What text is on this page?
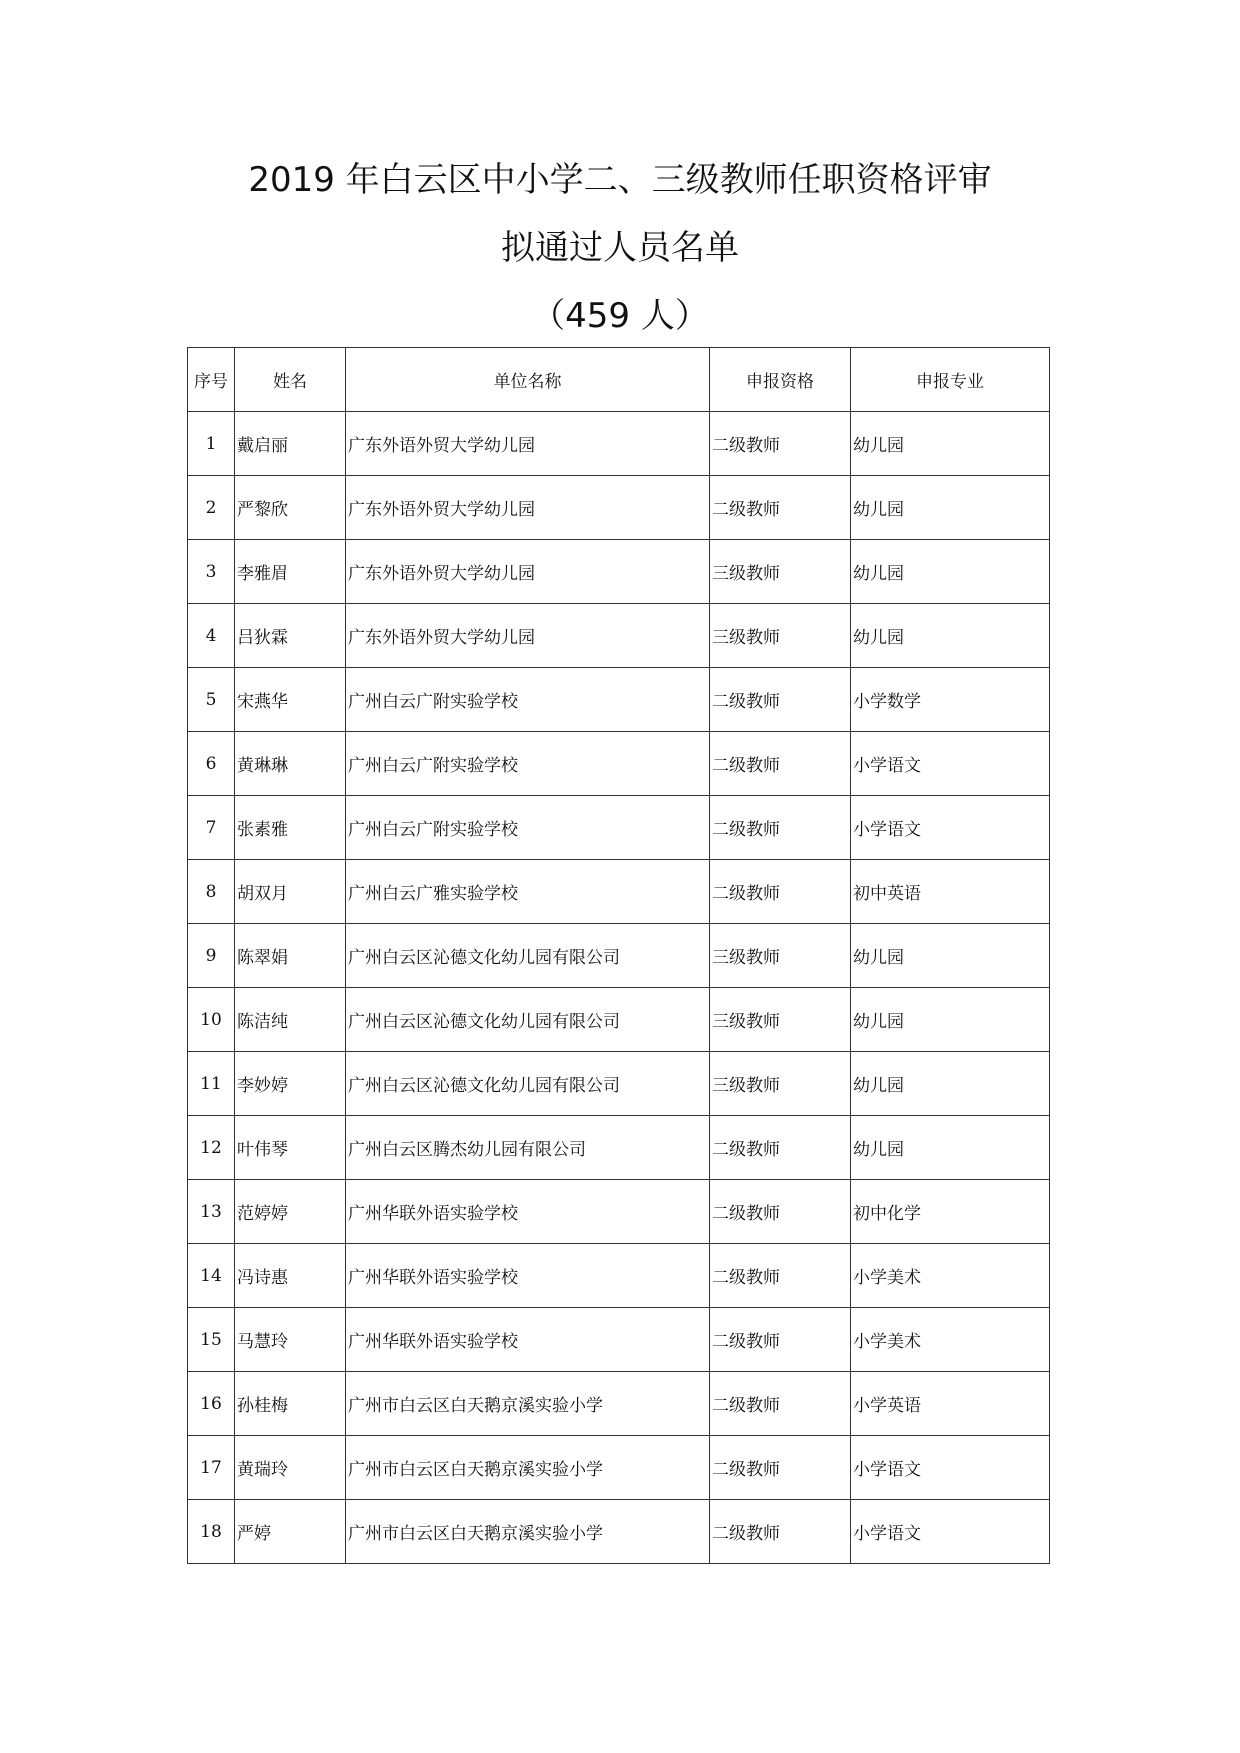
2019 年白云区中小学二、三级教师任职资格评审
拟通过人员名单
（459 人）
序号	姓名	单位名称	申报资格	申报专业
1	戴启丽	广东外语外贸大学幼儿园	二级教师	幼儿园
2	严黎欣	广东外语外贸大学幼儿园	二级教师	幼儿园
3	李雅眉	广东外语外贸大学幼儿园	三级教师	幼儿园
4	吕狄霖	广东外语外贸大学幼儿园	三级教师	幼儿园
5	宋燕华	广州白云广附实验学校	二级教师	小学数学
6	黄琳琳	广州白云广附实验学校	二级教师	小学语文
7	张素雅	广州白云广附实验学校	二级教师	小学语文
8	胡双月	广州白云广雅实验学校	二级教师	初中英语
9	陈翠娟	广州白云区沁德文化幼儿园有限公司	三级教师	幼儿园
10	陈洁纯	广州白云区沁德文化幼儿园有限公司	三级教师	幼儿园
11	李妙婷	广州白云区沁德文化幼儿园有限公司	三级教师	幼儿园
12	叶伟琴	广州白云区腾杰幼儿园有限公司	二级教师	幼儿园
13	范婷婷	广州华联外语实验学校	二级教师	初中化学
14	冯诗惠	广州华联外语实验学校	二级教师	小学美术
15	马慧玲	广州华联外语实验学校	二级教师	小学美术
16	孙桂梅	广州市白云区白天鹅京溪实验小学	二级教师	小学英语
17	黄瑞玲	广州市白云区白天鹅京溪实验小学	二级教师	小学语文
18	严婷	广州市白云区白天鹅京溪实验小学	二级教师	小学语文
